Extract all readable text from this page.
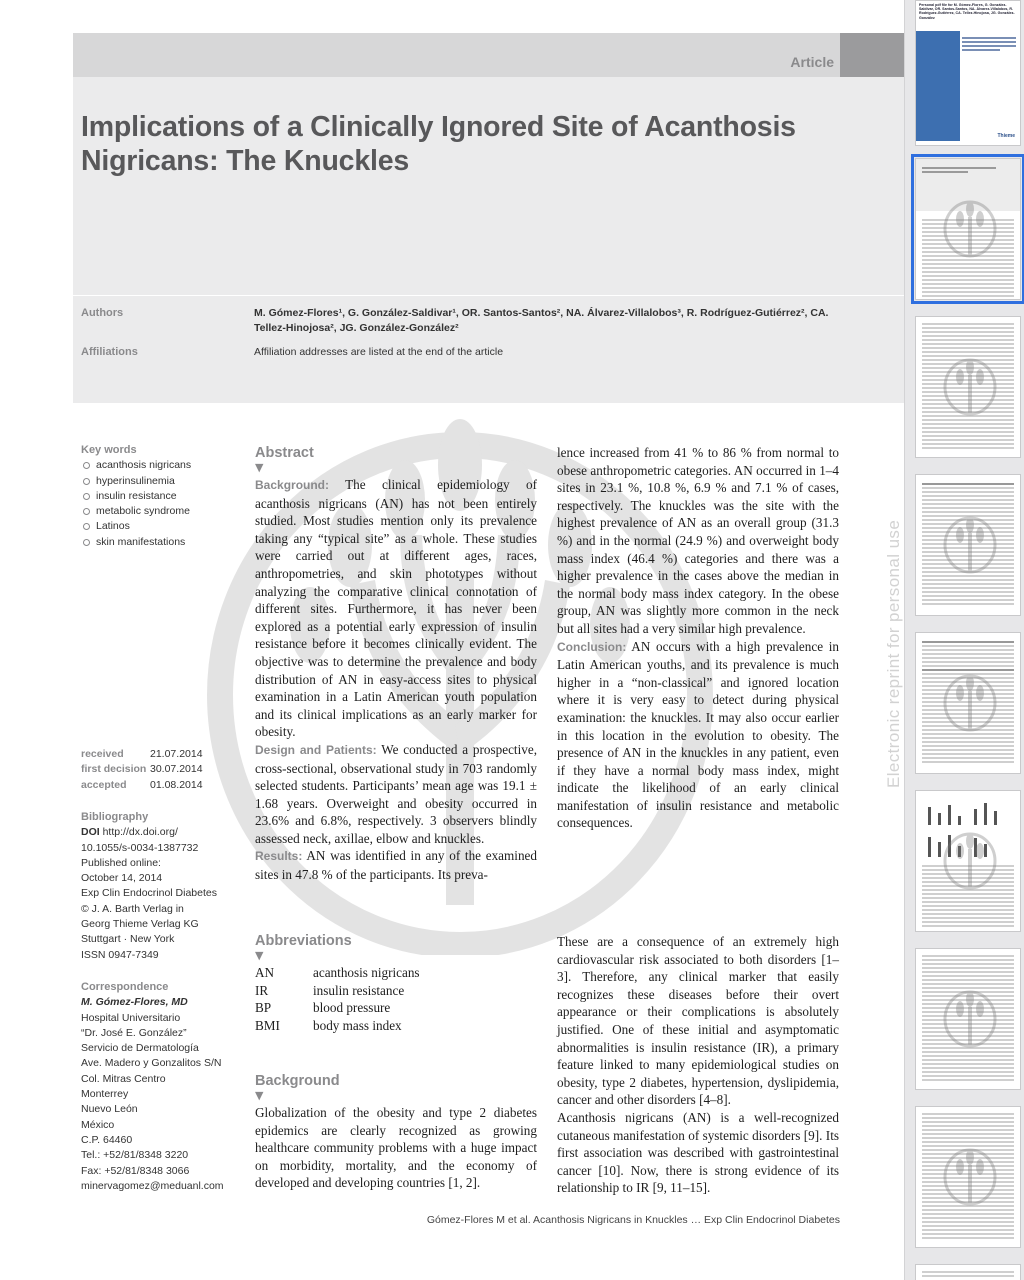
Electronic reprint for personal use
Article
Implications of a Clinically Ignored Site of Acanthosis Nigricans: The Knuckles
Authors	M. Gómez-Flores¹, G. González-Saldivar¹, OR. Santos-Santos², NA. Álvarez-Villalobos³, R. Rodríguez-Gutiérrez², CA. Tellez-Hinojosa², JG. González-González²
Affiliations	Affiliation addresses are listed at the end of the article
Key words
acanthosis nigricans
hyperinsulinemia
insulin resistance
metabolic syndrome
Latinos
skin manifestations
received	21.07.2014
first decision 30.07.2014
accepted	01.08.2014
Bibliography
DOI http://dx.doi.org/
10.1055/s-0034-1387732
Published online:
October 14, 2014
Exp Clin Endocrinol Diabetes
© J. A. Barth Verlag in
Georg Thieme Verlag KG
Stuttgart · New York
ISSN 0947-7349
Correspondence
M. Gómez-Flores, MD
Hospital Universitario
“Dr. José E. González”
Servicio de Dermatología
Ave. Madero y Gonzalitos S/N
Col. Mitras Centro
Monterrey
Nuevo León
México
C.P. 64460
Tel.: +52/81/8348 3220
Fax: +52/81/8348 3066
minervagomez@meduanl.com
Abstract
▼

Background: The clinical epidemiology of acanthosis nigricans (AN) has not been entirely studied. Most studies mention only its prevalence taking any “typical site” as a whole. These studies were carried out at different ages, races, anthropometries, and skin phototypes without analyzing the comparative clinical connotation of different sites. Furthermore, it has never been explored as a potential early expression of insulin resistance before it becomes clinically evident. The objective was to determine the prevalence and body distribution of AN in easy-access sites to physical examination in a Latin American youth population and its clinical implications as an early marker for obesity.

Design and Patients: We conducted a prospective, cross-sectional, observational study in 703 randomly selected students. Participants’ mean age was 19.1 ± 1.68 years. Overweight and obesity occurred in 23.6% and 6.8%, respectively. 3 observers blindly assessed neck, axillae, elbow and knuckles.

Results: AN was identified in any of the examined sites in 47.8 % of the participants. Its preva-

lence increased from 41 % to 86 % from normal to obese anthropometric categories. AN occurred in 1–4 sites in 23.1 %, 10.8 %, 6.9 % and 7.1 % of cases, respectively. The knuckles was the site with the highest prevalence of AN as an overall group (31.3 %) and in the normal (24.9 %) and overweight body mass index (46.4 %) categories and there was a higher prevalence in the cases above the median in the normal body mass index category. In the obese group, AN was slightly more common in the neck but all sites had a very similar high prevalence.

Conclusion: AN occurs with a high prevalence in Latin American youths, and its prevalence is much higher in a “non-classical” and ignored location where it is very easy to detect during physical examination: the knuckles. It may also occur earlier in this location in the evolution to obesity. The presence of AN in the knuckles in any patient, even if they have a normal body mass index, might indicate the likelihood of an early clinical manifestation of insulin resistance and metabolic consequences.

Abbreviations
▼
AN	acanthosis nigricans
IR	insulin resistance
BP	blood pressure
BMI	body mass index
Background
▼

Globalization of the obesity and type 2 diabetes epidemics are clearly recognized as growing healthcare community problems with a huge impact on morbidity, mortality, and the economy of developed and developing countries [1, 2].

These are a consequence of an extremely high cardiovascular risk associated to both disorders [1–3]. Therefore, any clinical marker that easily recognizes these diseases before their overt appearance or their complications is absolutely justified. One of these initial and asymptomatic abnormalities is insulin resistance (IR), a primary feature linked to many epidemiological studies on obesity, type 2 diabetes, hypertension, dyslipidemia, cancer and other disorders [4–8].

Acanthosis nigricans (AN) is a well-recognized cutaneous manifestation of systemic disorders [9]. Its first association was described with gastrointestinal cancer [10]. Now, there is strong evidence of its relationship to IR [9, 11–15].

Gómez-Flores M et al. Acanthosis Nigricans in Knuckles … Exp Clin Endocrinol Diabetes
Personal pdf file for M. Gómez-Flores, G. González-Saldivar, OR. Santos-Santos, NA. Álvarez-Villalobos, R. Rodríguez-Gutiérrez, CA. Tellez-Hinojosa, JG. González-González
Thieme
